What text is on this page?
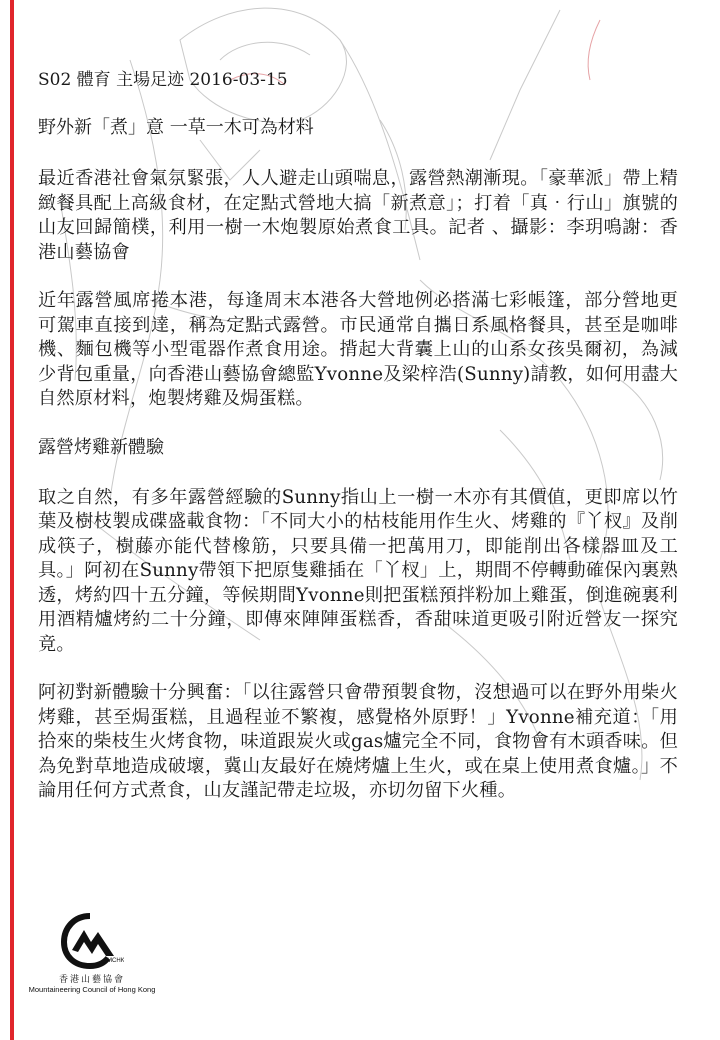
S02 體育 主場足迹 2016-03-15

野外新「煮」意 一草一木可為材料

最近香港社會氣氛緊張，人人避走山頭喘息，露營熱潮漸現。「豪華派」帶上精緻餐具配上高級食材，在定點式營地大搞「新煮意」；打着「真‧行山」旗號的山友回歸簡樸，利用一樹一木炮製原始煮食工具。記者 、攝影：李玥鳴謝：香港山藝協會

近年露營風席捲本港，每逢周末本港各大營地例必搭滿七彩帳篷，部分營地更可駕車直接到達，稱為定點式露營。市民通常自攜日系風格餐具，甚至是咖啡機、麵包機等小型電器作煮食用途。揹起大背囊上山的山系女孩吳爾初，為減少背包重量，向香港山藝協會總監Yvonne及梁梓浩(Sunny)請教，如何用盡大自然原材料，炮製烤雞及焗蛋糕。

露營烤雞新體驗

取之自然，有多年露營經驗的Sunny指山上一樹一木亦有其價值，更即席以竹葉及樹枝製成碟盛載食物：「不同大小的枯枝能用作生火、烤雞的『丫杈』及削成筷子，樹藤亦能代替橡筋，只要具備一把萬用刀，即能削出各樣器皿及工具。」阿初在Sunny帶領下把原隻雞插在「丫杈」上，期間不停轉動確保內裏熟透，烤約四十五分鐘，等候期間Yvonne則把蛋糕預拌粉加上雞蛋，倒進碗裏利用酒精爐烤約二十分鐘，即傳來陣陣蛋糕香，香甜味道更吸引附近營友一探究竟。

阿初對新體驗十分興奮：「以往露營只會帶預製食物，沒想過可以在野外用柴火烤雞，甚至焗蛋糕，且過程並不繁複，感覺格外原野！」Yvonne補充道：「用拾來的柴枝生火烤食物，味道跟炭火或gas爐完全不同，食物會有木頭香味。但為免對草地造成破壞，冀山友最好在燒烤爐上生火，或在桌上使用煮食爐。」不論用任何方式煮食，山友謹記帶走垃圾，亦切勿留下火種。

MCHK
香港山藝協會
Mountaineering Council of Hong Kong
